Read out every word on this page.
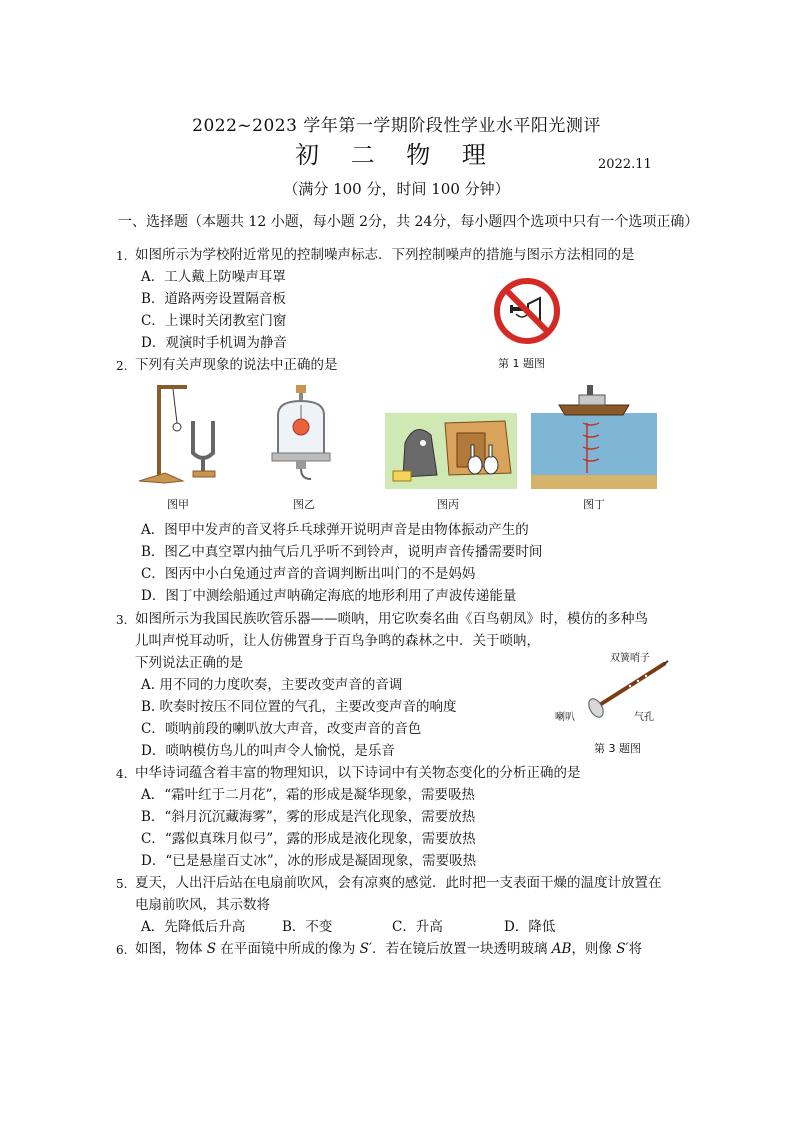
2022~2023 学年第一学期阶段性学业水平阳光测评
初 二 物 理	2022.11
（满分 100 分，时间 100 分钟）
一、选择题（本题共 12 小题，每小题 2分，共 24分，每小题四个选项中只有一个选项正确）
1. 如图所示为学校附近常见的控制噪声标志．下列控制噪声的措施与图示方法相同的是
A．工人戴上防噪声耳罩
B．道路两旁设置隔音板
C．上课时关闭教室门窗
D．观演时手机调为静音
第 1 题图
2. 下列有关声现象的说法中正确的是
图甲	图乙	图丙	图丁
A．图甲中发声的音叉将乒乓球弹开说明声音是由物体振动产生的
B．图乙中真空罩内抽气后几乎听不到铃声，说明声音传播需要时间
C．图丙中小白兔通过声音的音调判断出叫门的不是妈妈
D．图丁中测绘船通过声呐确定海底的地形利用了声波传递能量
3. 如图所示为我国民族吹管乐器——唢呐，用它吹奏名曲《百鸟朝凤》时，模仿的多种鸟
儿叫声悦耳动听，让人仿佛置身于百鸟争鸣的森林之中．关于唢呐，
下列说法正确的是
A. 用不同的力度吹奏，主要改变声音的音调
B. 吹奏时按压不同位置的气孔，主要改变声音的响度
C．唢呐前段的喇叭放大声音，改变声音的音色
D．唢呐模仿鸟儿的叫声令人愉悦，是乐音
双簧哨子
喇叭	气孔
第 3 题图
4. 中华诗词蕴含着丰富的物理知识，以下诗词中有关物态变化的分析正确的是
A．“霜叶红于二月花”，霜的形成是凝华现象，需要吸热
B．“斜月沉沉藏海雾”，雾的形成是汽化现象，需要放热
C．“露似真珠月似弓”，露的形成是液化现象，需要放热
D．“已是悬崖百丈冰”，冰的形成是凝固现象，需要吸热
5. 夏天，人出汗后站在电扇前吹风，会有凉爽的感觉．此时把一支表面干燥的温度计放置在
电扇前吹风，其示数将
A．先降低后升高	B．不变	C．升高	D．降低
6. 如图，物体 S 在平面镜中所成的像为 S′．若在镜后放置一块透明玻璃 AB，则像 S′将
